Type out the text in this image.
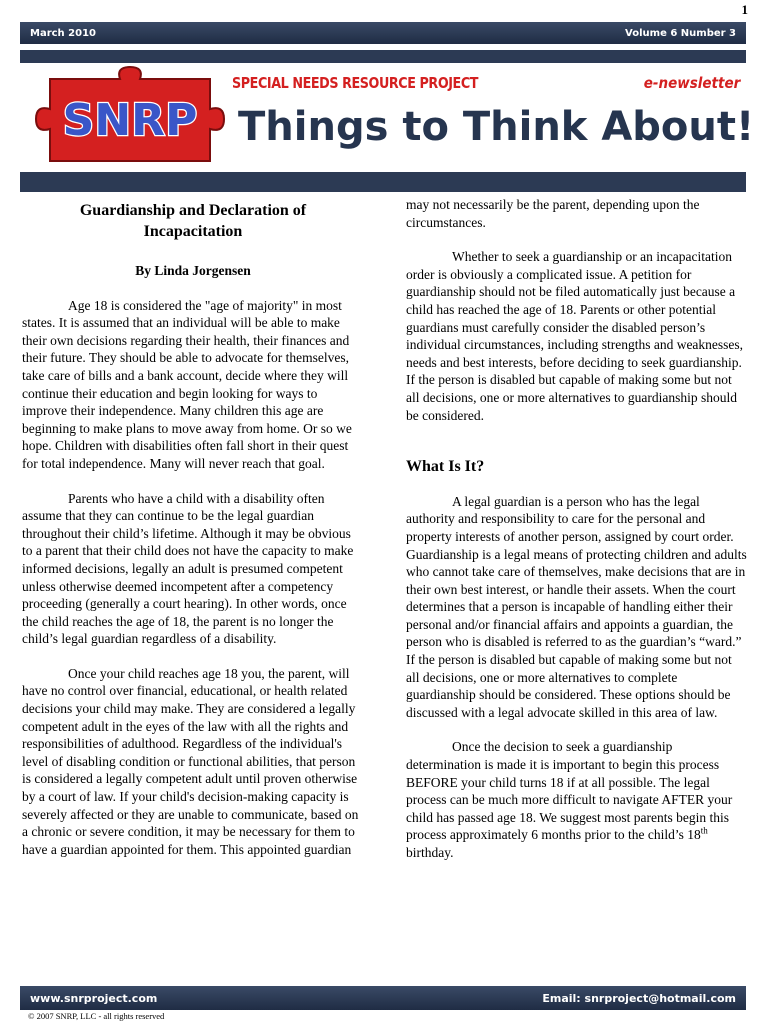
1
March 2010	Volume 6 Number 3
SNRP
SPECIAL NEEDS RESOURCE PROJECT	e-newsletter
Things to Think About!

Guardianship and Declaration of
Incapacitation

By Linda Jorgensen

Age 18 is considered the "age of majority" in most states. It is assumed that an individual will be able to make their own decisions regarding their health, their finances and their future. They should be able to advocate for themselves, take care of bills and a bank account, decide where they will continue their education and begin looking for ways to improve their independence. Many children this age are beginning to make plans to move away from home. Or so we hope. Children with disabilities often fall short in their quest for total independence. Many will never reach that goal.

Parents who have a child with a disability often assume that they can continue to be the legal guardian throughout their child’s lifetime. Although it may be obvious to a parent that their child does not have the capacity to make informed decisions, legally an adult is presumed competent unless otherwise deemed incompetent after a competency proceeding (generally a court hearing). In other words, once the child reaches the age of 18, the parent is no longer the child’s legal guardian regardless of a disability.

Once your child reaches age 18 you, the parent, will have no control over financial, educational, or health related decisions your child may make. They are considered a legally competent adult in the eyes of the law with all the rights and responsibilities of adulthood. Regardless of the individual's level of disabling condition or functional abilities, that person is considered a legally competent adult until proven otherwise by a court of law. If your child's decision-making capacity is severely affected or they are unable to communicate, based on a chronic or severe condition, it may be necessary for them to have a guardian appointed for them. This appointed guardian

may not necessarily be the parent, depending upon the circumstances.

Whether to seek a guardianship or an incapacitation order is obviously a complicated issue. A petition for guardianship should not be filed automatically just because a child has reached the age of 18. Parents or other potential guardians must carefully consider the disabled person’s individual circumstances, including strengths and weaknesses, needs and best interests, before deciding to seek guardianship. If the person is disabled but capable of making some but not all decisions, one or more alternatives to guardianship should be considered.

What Is It?

A legal guardian is a person who has the legal authority and responsibility to care for the personal and property interests of another person, assigned by court order. Guardianship is a legal means of protecting children and adults who cannot take care of themselves, make decisions that are in their own best interest, or handle their assets. When the court determines that a person is incapable of handling either their personal and/or financial affairs and appoints a guardian, the person who is disabled is referred to as the guardian’s “ward.” If the person is disabled but capable of making some but not all decisions, one or more alternatives to complete guardianship should be considered. These options should be discussed with a legal advocate skilled in this area of law.

Once the decision to seek a guardianship determination is made it is important to begin this process BEFORE your child turns 18 if at all possible. The legal process can be much more difficult to navigate AFTER your child has passed age 18. We suggest most parents begin this process approximately 6 months prior to the child’s 18th birthday.

www.snrproject.com	Email: snrproject@hotmail.com
© 2007 SNRP, LLC - all rights reserved
